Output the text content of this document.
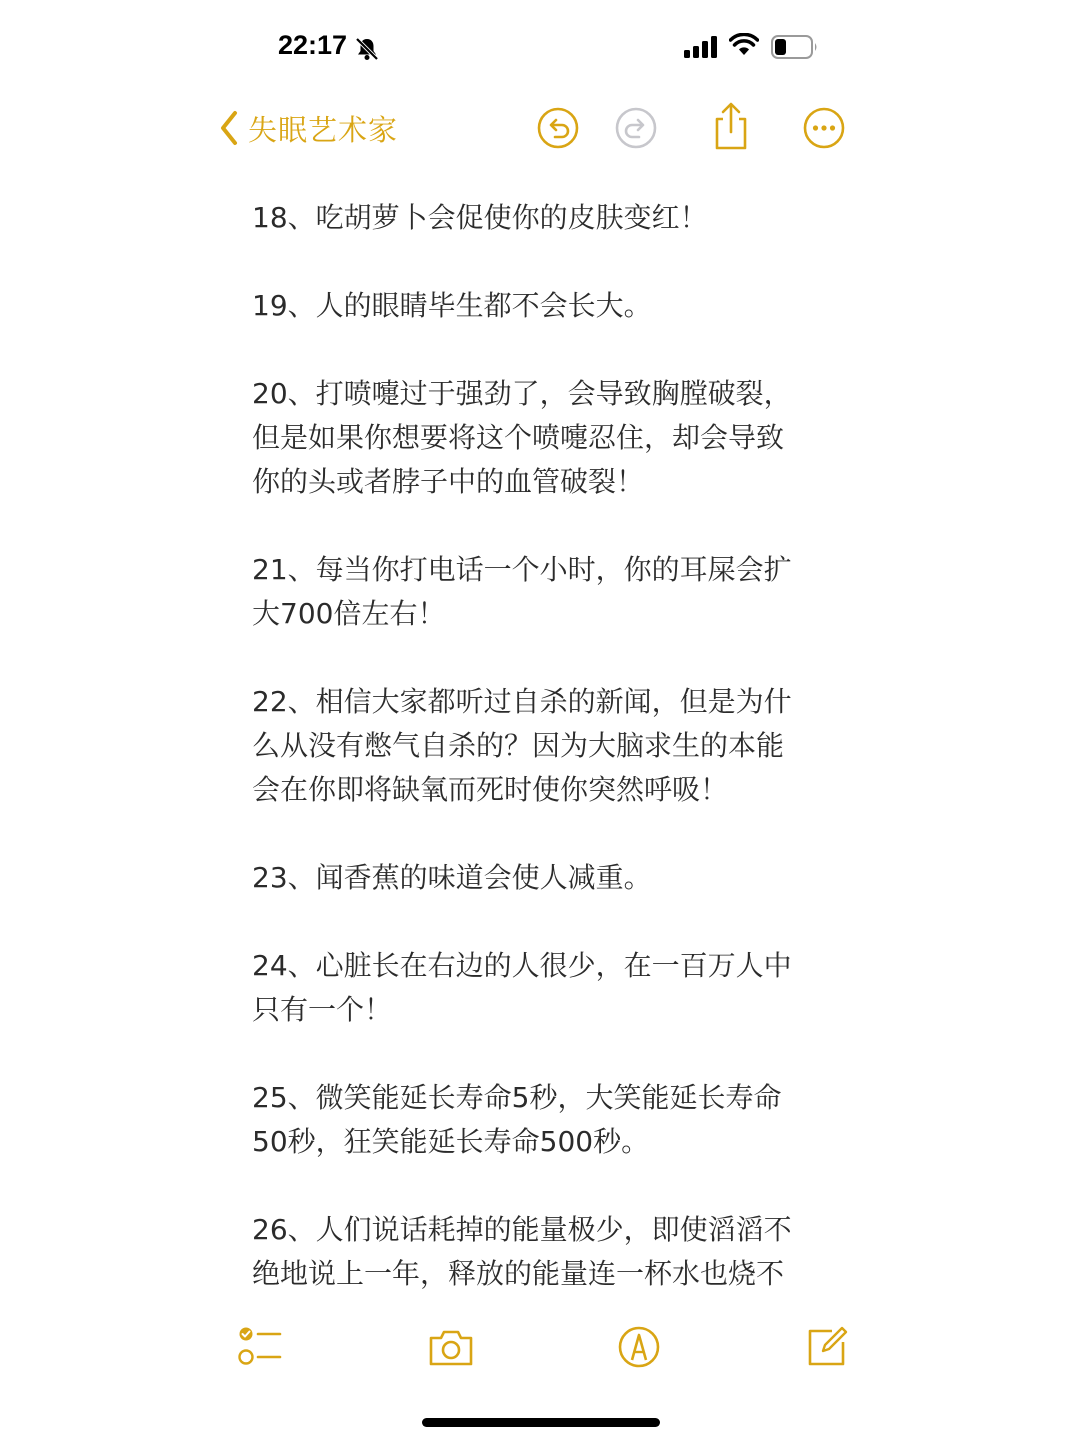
22:17
失眠艺术家
18、吃胡萝卜会促使你的皮肤变红！
19、人的眼睛毕生都不会长大。
20、打喷嚏过于强劲了，会导致胸膛破裂，
但是如果你想要将这个喷嚏忍住，却会导致
你的头或者脖子中的血管破裂！
21、每当你打电话一个小时，你的耳屎会扩
大700倍左右！
22、相信大家都听过自杀的新闻，但是为什
么从没有憋气自杀的？因为大脑求生的本能
会在你即将缺氧而死时使你突然呼吸！
23、闻香蕉的味道会使人减重。
24、心脏长在右边的人很少，在一百万人中
只有一个！
25、微笑能延长寿命5秒，大笑能延长寿命
50秒，狂笑能延长寿命500秒。
26、人们说话耗掉的能量极少，即使滔滔不
绝地说上一年，释放的能量连一杯水也烧不
